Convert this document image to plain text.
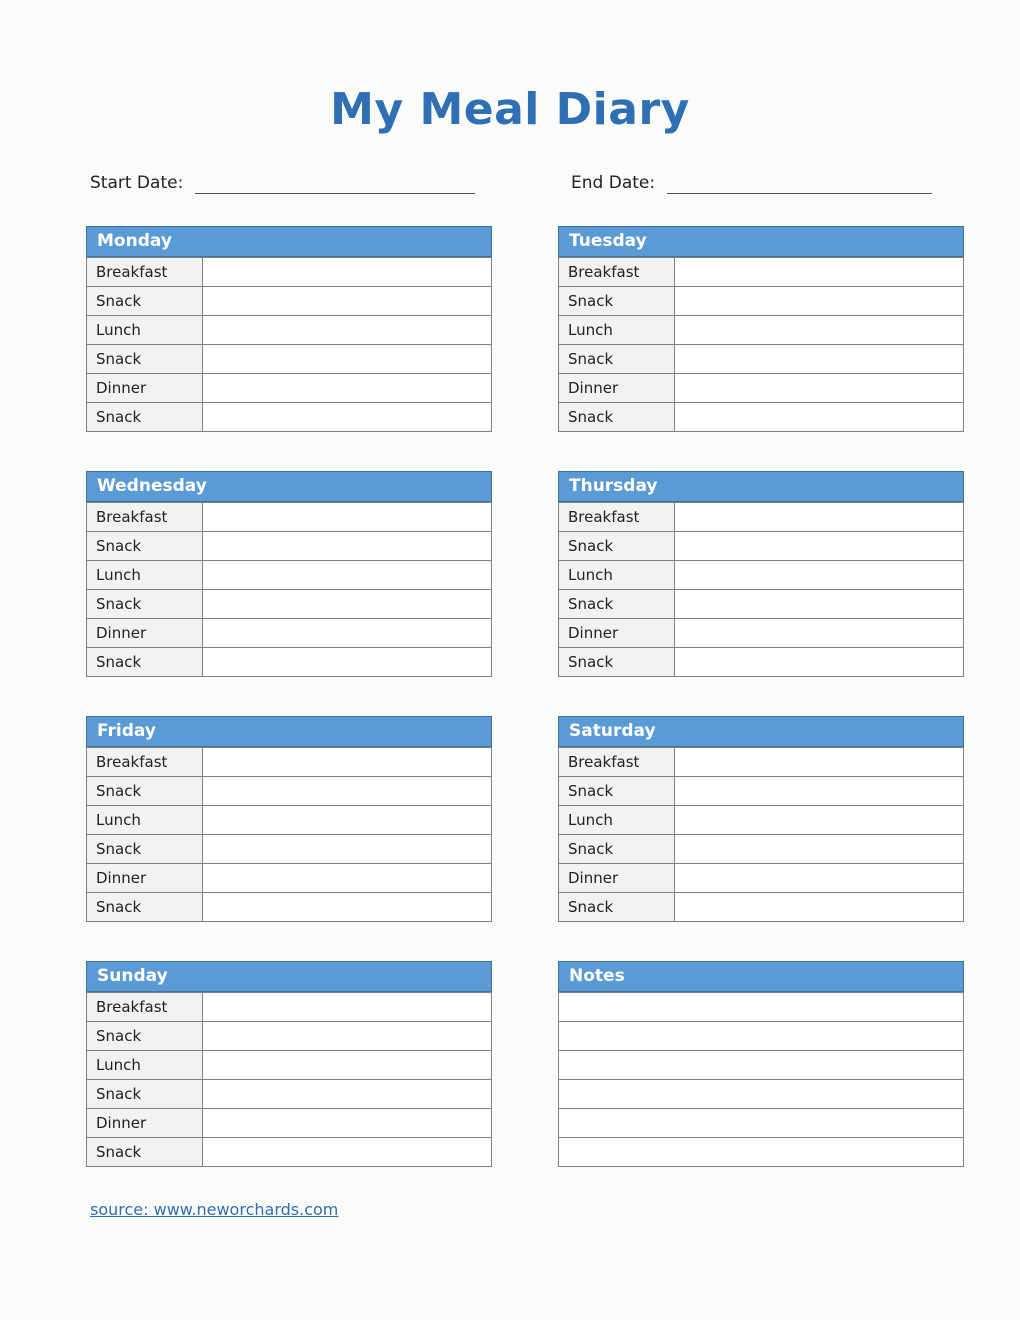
My Meal Diary
Start Date:	End Date:
Monday
Breakfast	
Snack	
Lunch	
Snack	
Dinner	
Snack	
Tuesday
Breakfast	
Snack	
Lunch	
Snack	
Dinner	
Snack	
Wednesday
Breakfast	
Snack	
Lunch	
Snack	
Dinner	
Snack	
Thursday
Breakfast	
Snack	
Lunch	
Snack	
Dinner	
Snack	
Friday
Breakfast	
Snack	
Lunch	
Snack	
Dinner	
Snack	
Saturday
Breakfast	
Snack	
Lunch	
Snack	
Dinner	
Snack	
Sunday
Breakfast	
Snack	
Lunch	
Snack	
Dinner	
Snack	
Notes

source: www.neworchards.com
